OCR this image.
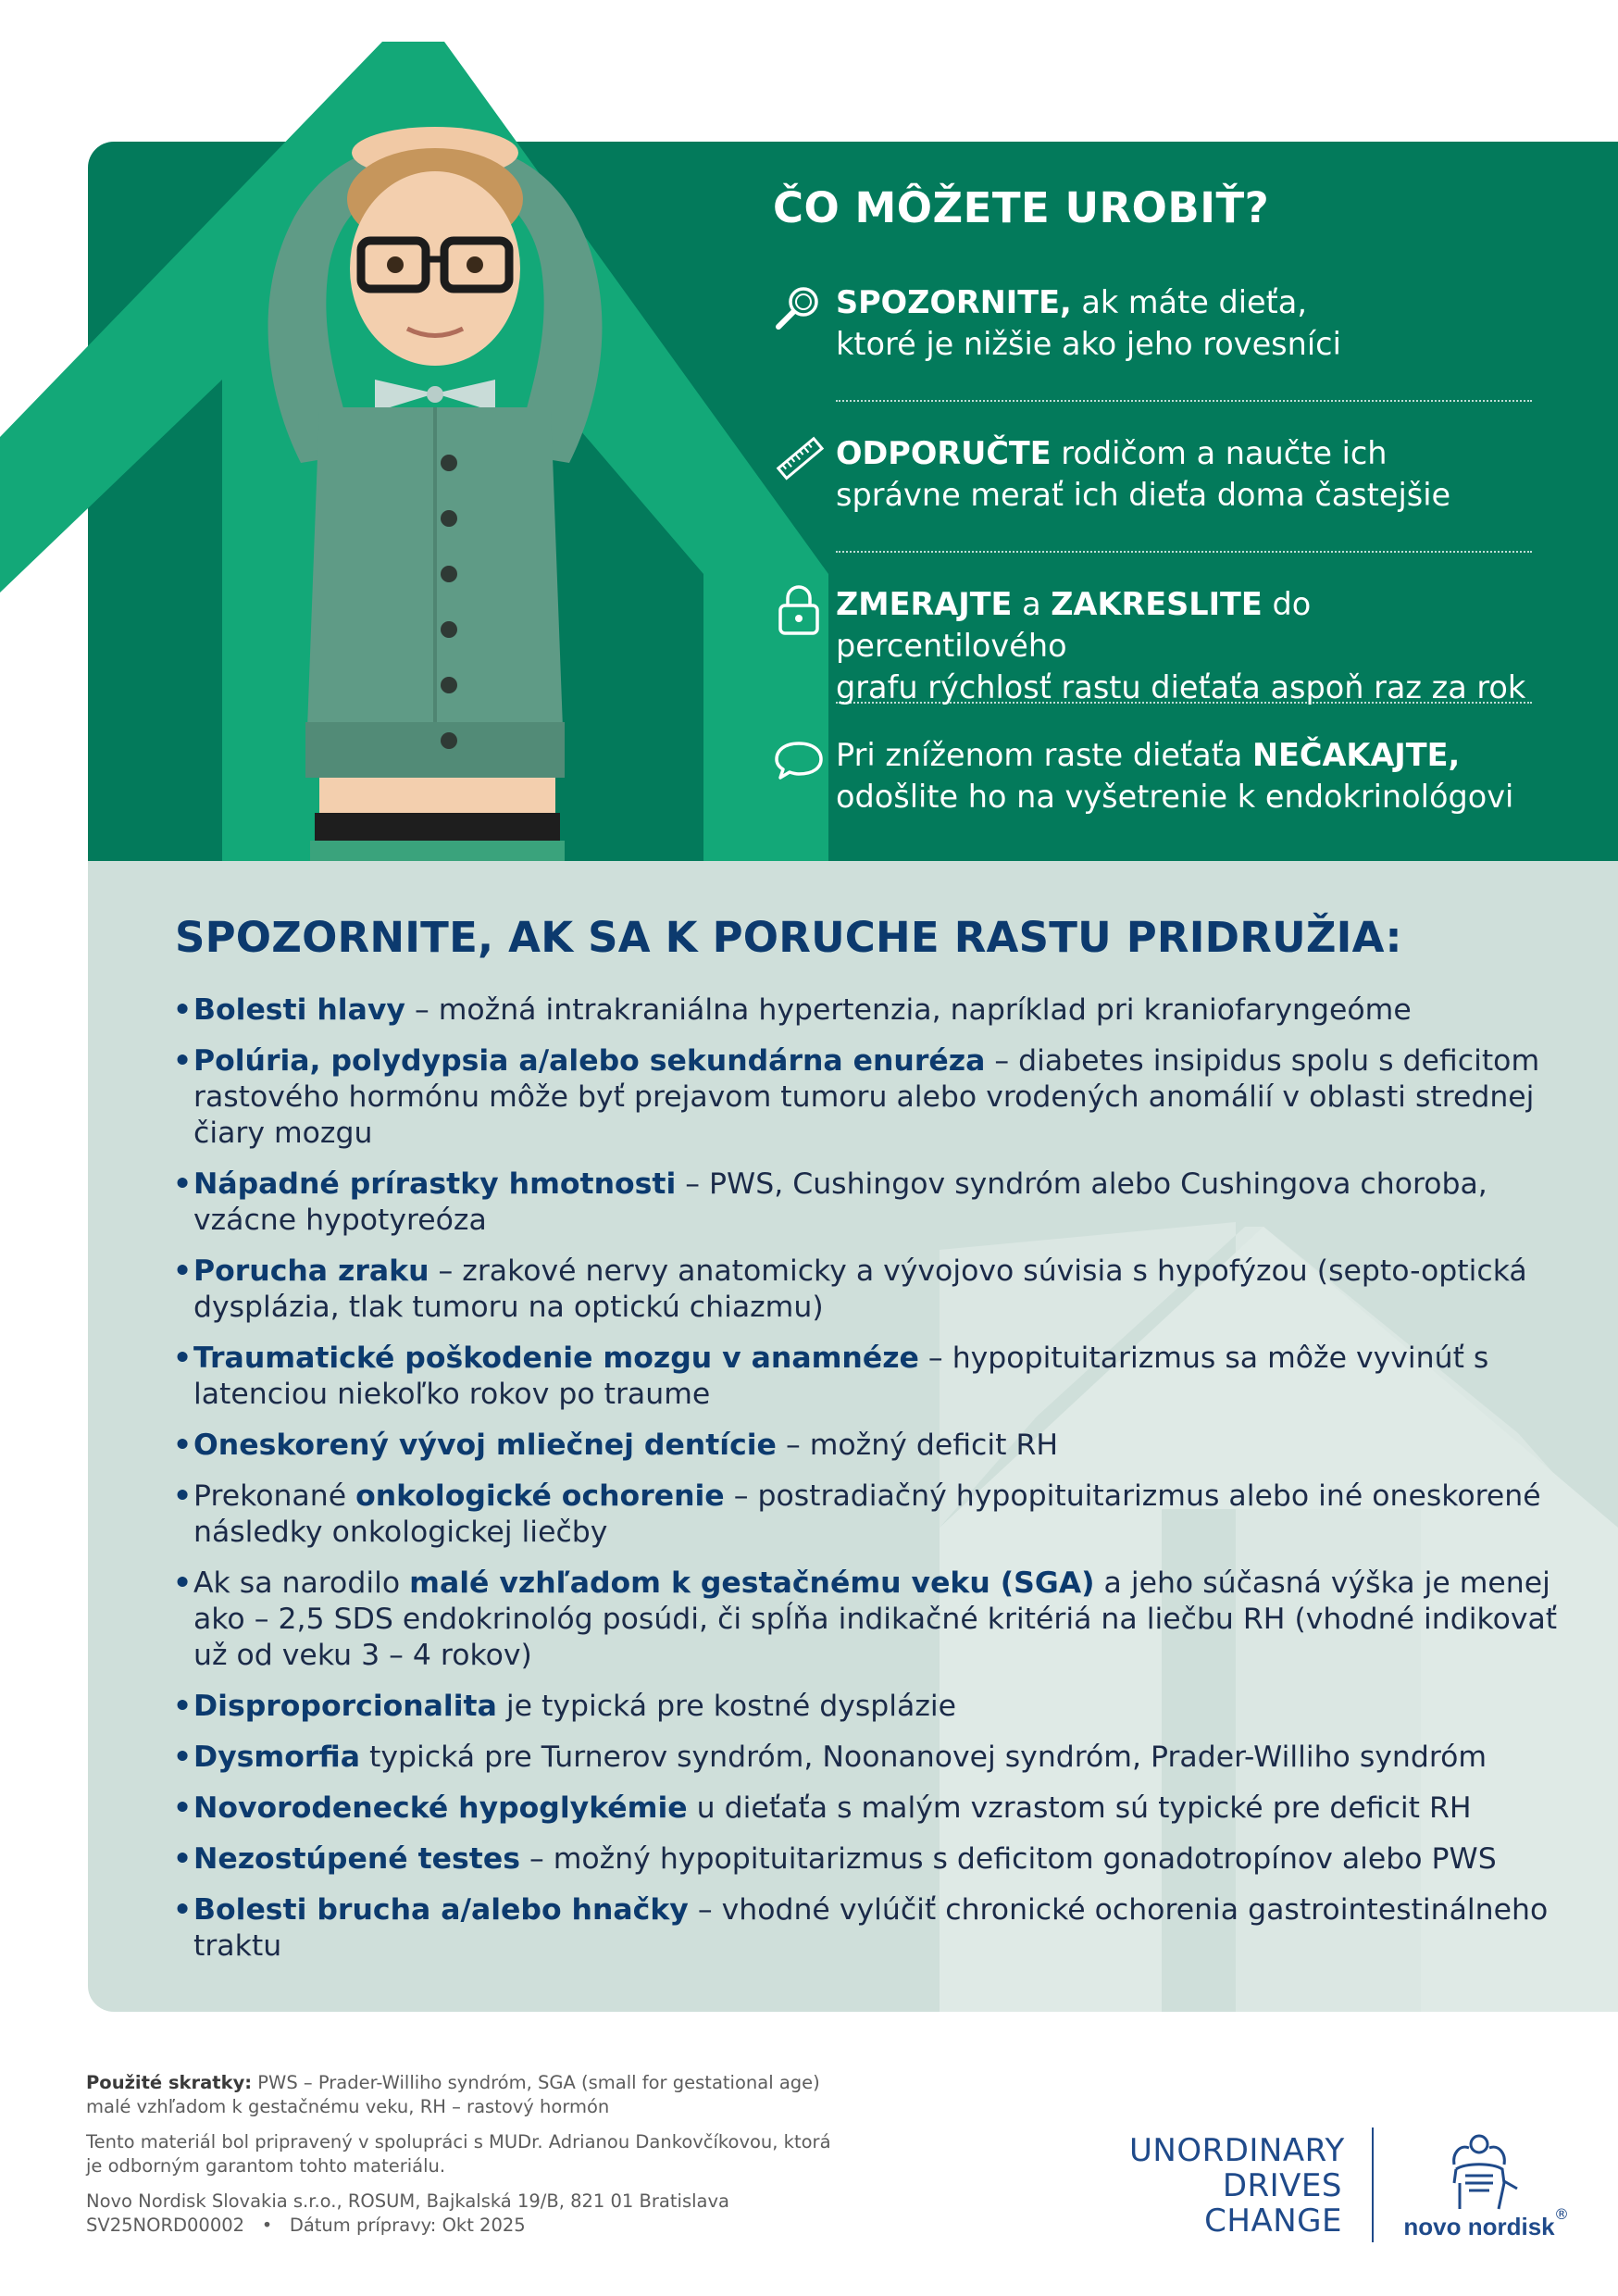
ČO MÔŽETE UROBIŤ?
SPOZORNITE, ak máte dieťa,
ktoré je nižšie ako jeho rovesníci
ODPORUČTE rodičom a naučte ich
správne merať ich dieťa doma častejšie
ZMERAJTE a ZAKRESLITE do percentilového
grafu rýchlosť rastu dieťaťa aspoň raz za rok
Pri zníženom raste dieťaťa NEČAKAJTE,
odošlite ho na vyšetrenie k endokrinológovi
SPOZORNITE, AK SA K PORUCHE RASTU PRIDRUŽIA:
• Bolesti hlavy – možná intrakraniálna hypertenzia, napríklad pri kraniofaryngeóme
• Polúria, polydypsia a/alebo sekundárna enuréza – diabetes insipidus spolu s deficitom rastového hormónu môže byť prejavom tumoru alebo vrodených anomálií v oblasti strednej čiary mozgu
• Nápadné prírastky hmotnosti – PWS, Cushingov syndróm alebo Cushingova choroba, vzácne hypotyreóza
• Porucha zraku – zrakové nervy anatomicky a vývojovo súvisia s hypofýzou (septo-optická dysplázia, tlak tumoru na optickú chiazmu)
• Traumatické poškodenie mozgu v anamnéze – hypopituitarizmus sa môže vyvinúť s latenciou niekoľko rokov po traume
• Oneskorený vývoj mliečnej dentície – možný deficit RH
• Prekonané onkologické ochorenie – postradiačný hypopituitarizmus alebo iné oneskorené následky onkologickej liečby
• Ak sa narodilo malé vzhľadom k gestačnému veku (SGA) a jeho súčasná výška je menej ako – 2,5 SDS endokrinológ posúdi, či spĺňa indikačné kritériá na liečbu RH (vhodné indikovať už od veku 3 – 4 rokov)
• Disproporcionalita je typická pre kostné dysplázie
• Dysmorfia typická pre Turnerov syndróm, Noonanovej syndróm, Prader-Williho syndróm
• Novorodenecké hypoglykémie u dieťaťa s malým vzrastom sú typické pre deficit RH
• Nezostúpené testes – možný hypopituitarizmus s deficitom gonadotropínov alebo PWS
• Bolesti brucha a/alebo hnačky – vhodné vylúčiť chronické ochorenia gastrointestinálneho traktu

Použité skratky: PWS – Prader-Williho syndróm, SGA (small for gestational age) malé vzhľadom k gestačnému veku, RH – rastový hormón

Tento materiál bol pripravený v spolupráci s MUDr. Adrianou Dankovčíkovou, ktorá je odborným garantom tohto materiálu.

Novo Nordisk Slovakia s.r.o., ROSUM, Bajkalská 19/B, 821 01 Bratislava
SV25NORD00002 • Dátum prípravy: Okt 2025

UNORDINARY
DRIVES
CHANGE	novo nordisk ®
